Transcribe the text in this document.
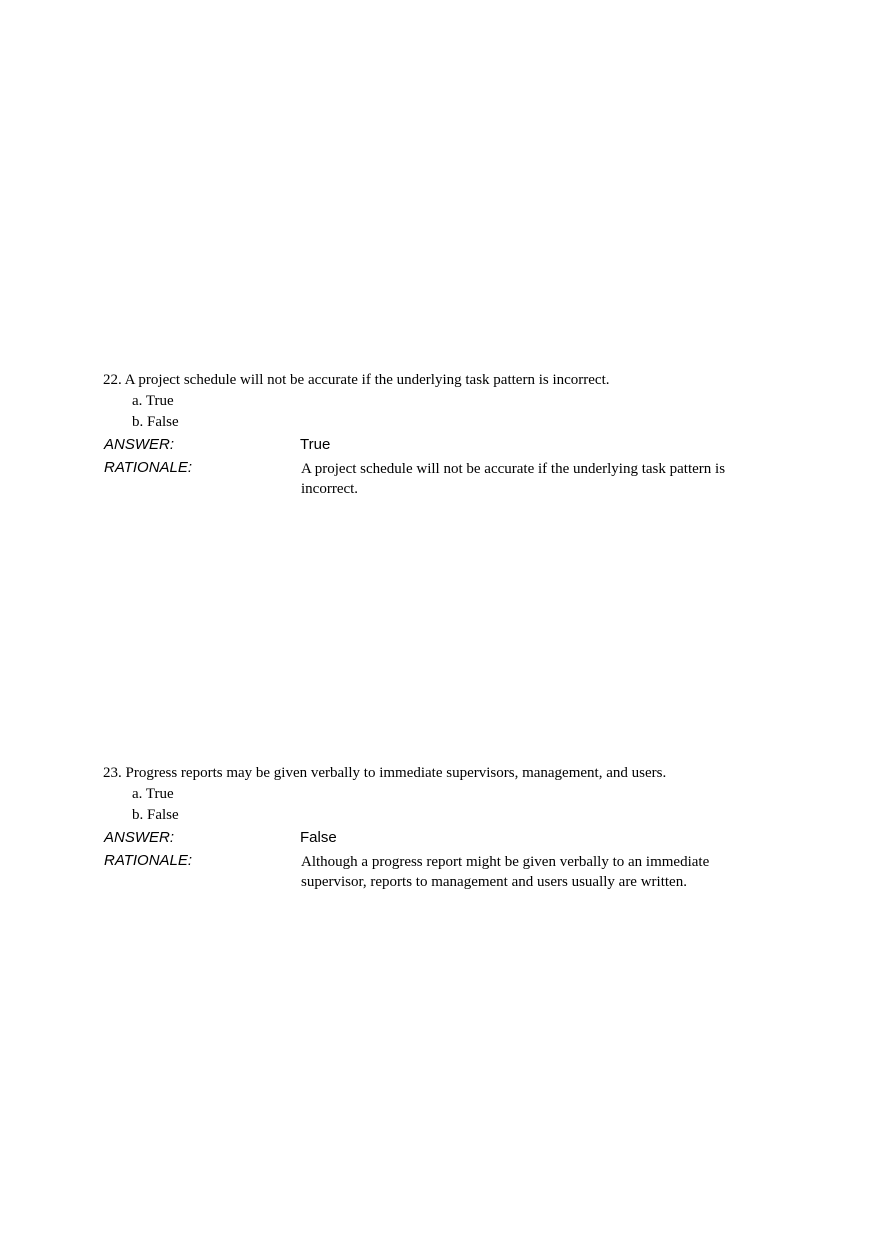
22. A project schedule will not be accurate if the underlying task pattern is incorrect.
a. True
b. False
ANSWER:	True
RATIONALE:	A project schedule will not be accurate if the underlying task pattern is incorrect.
23. Progress reports may be given verbally to immediate supervisors, management, and users.
a. True
b. False
ANSWER:	False
RATIONALE:	Although a progress report might be given verbally to an immediate supervisor, reports to management and users usually are written.
